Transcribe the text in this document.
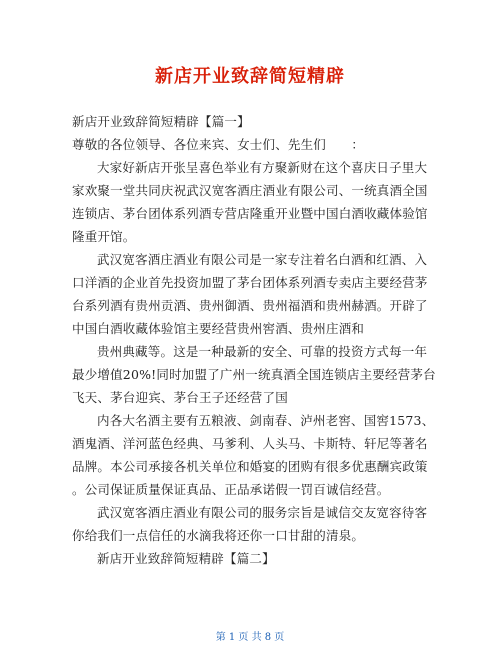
新店开业致辞简短精辟
新店开业致辞简短精辟【篇一】
尊敬的各位领导、各位来宾、女士们、先生们　　：
大家好新店开张呈喜色举业有方聚新财在这个喜庆日子里大
家欢聚一堂共同庆祝武汉宽客酒庄酒业有限公司、一统真酒全国
连锁店、茅台团体系列酒专营店隆重开业暨中国白酒收藏体验馆
隆重开馆。
武汉宽客酒庄酒业有限公司是一家专注着名白酒和红酒、入
口洋酒的企业首先投资加盟了茅台团体系列酒专卖店主要经营茅
台系列酒有贵州贡酒、贵州御酒、贵州福酒和贵州赫酒。开辟了
中国白酒收藏体验馆主要经营贵州窖酒、贵州庄酒和
贵州典藏等。这是一种最新的安全、可靠的投资方式每一年
最少增值20%!同时加盟了广州一统真酒全国连锁店主要经营茅台
飞天、茅台迎宾、茅台王子还经营了国
内各大名酒主要有五粮液、剑南春、泸州老窖、国窖1573、
酒鬼酒、洋河蓝色经典、马爹利、人头马、卡斯特、轩尼等著名
品牌。本公司承接各机关单位和婚宴的团购有很多优惠酬宾政策
。公司保证质量保证真品、正品承诺假一罚百诚信经营。
武汉宽客酒庄酒业有限公司的服务宗旨是诚信交友宽容待客
你给我们一点信任的水滴我将还你一口甘甜的清泉。
新店开业致辞简短精辟【篇二】
第 1 页 共 8 页
